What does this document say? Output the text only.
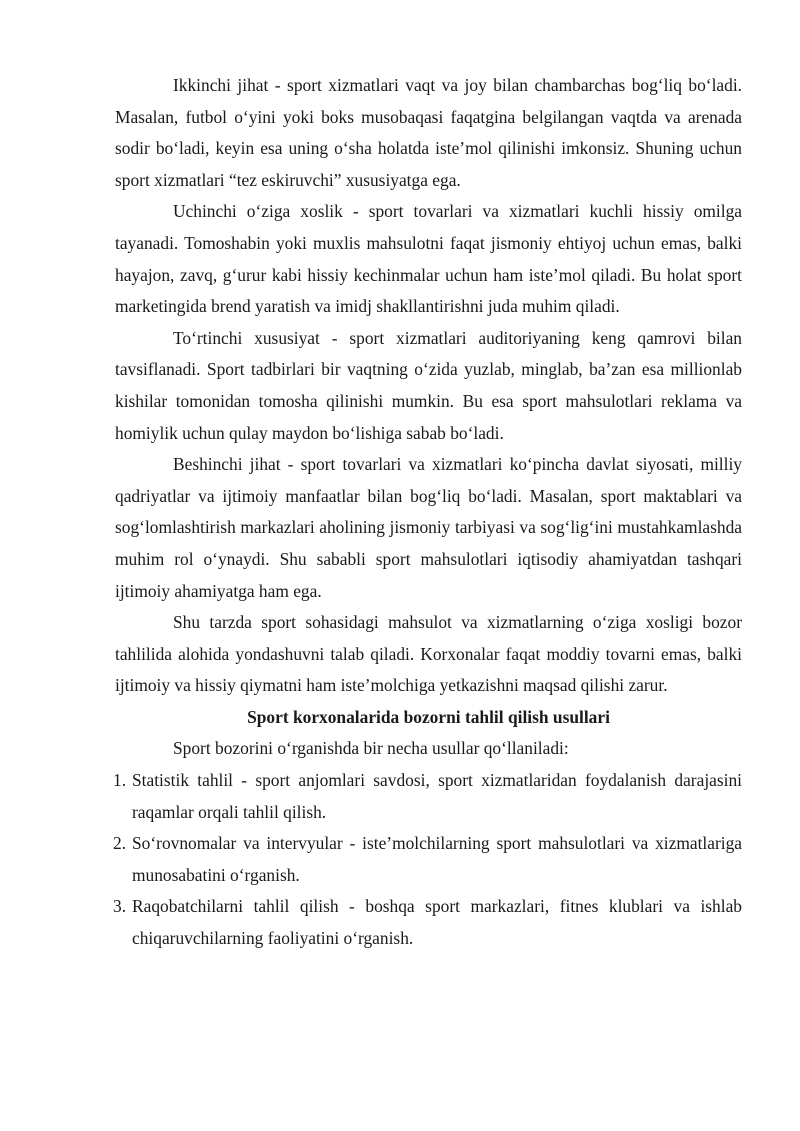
Ikkinchi jihat - sport xizmatlari vaqt va joy bilan chambarchas bog‘liq bo‘ladi. Masalan, futbol o‘yini yoki boks musobaqasi faqatgina belgilangan vaqtda va arenada sodir bo‘ladi, keyin esa uning o‘sha holatda iste’mol qilinishi imkonsiz. Shuning uchun sport xizmatlari “tez eskiruvchi” xususiyatga ega.

Uchinchi o‘ziga xoslik - sport tovarlari va xizmatlari kuchli hissiy omilga tayanadi. Tomoshabin yoki muxlis mahsulotni faqat jismoniy ehtiyoj uchun emas, balki hayajon, zavq, g‘urur kabi hissiy kechinmalar uchun ham iste’mol qiladi. Bu holat sport marketingida brend yaratish va imidj shakllantirishni juda muhim qiladi.

To‘rtinchi xususiyat - sport xizmatlari auditoriyaning keng qamrovi bilan tavsiflanadi. Sport tadbirlari bir vaqtning o‘zida yuzlab, minglab, ba’zan esa millionlab kishilar tomonidan tomosha qilinishi mumkin. Bu esa sport mahsulotlari reklama va homiylik uchun qulay maydon bo‘lishiga sabab bo‘ladi.

Beshinchi jihat - sport tovarlari va xizmatlari ko‘pincha davlat siyosati, milliy qadriyatlar va ijtimoiy manfaatlar bilan bog‘liq bo‘ladi. Masalan, sport maktablari va sog‘lomlashtirish markazlari aholining jismoniy tarbiyasi va sog‘lig‘ini mustahkamlashda muhim rol o‘ynaydi. Shu sababli sport mahsulotlari iqtisodiy ahamiyatdan tashqari ijtimoiy ahamiyatga ham ega.

Shu tarzda sport sohasidagi mahsulot va xizmatlarning o‘ziga xosligi bozor tahlilida alohida yondashuvni talab qiladi. Korxonalar faqat moddiy tovarni emas, balki ijtimoiy va hissiy qiymatni ham iste’molchiga yetkazishni maqsad qilishi zarur.

Sport korxonalarida bozorni tahlil qilish usullari

Sport bozorini o‘rganishda bir necha usullar qo‘llaniladi:

1. Statistik tahlil - sport anjomlari savdosi, sport xizmatlaridan foydalanish darajasini raqamlar orqali tahlil qilish.
2. So‘rovnomalar va intervyular - iste’molchilarning sport mahsulotlari va xizmatlariga munosabatini o‘rganish.
3. Raqobatchilarni tahlil qilish - boshqa sport markazlari, fitnes klublari va ishlab chiqaruvchilarning faoliyatini o‘rganish.
